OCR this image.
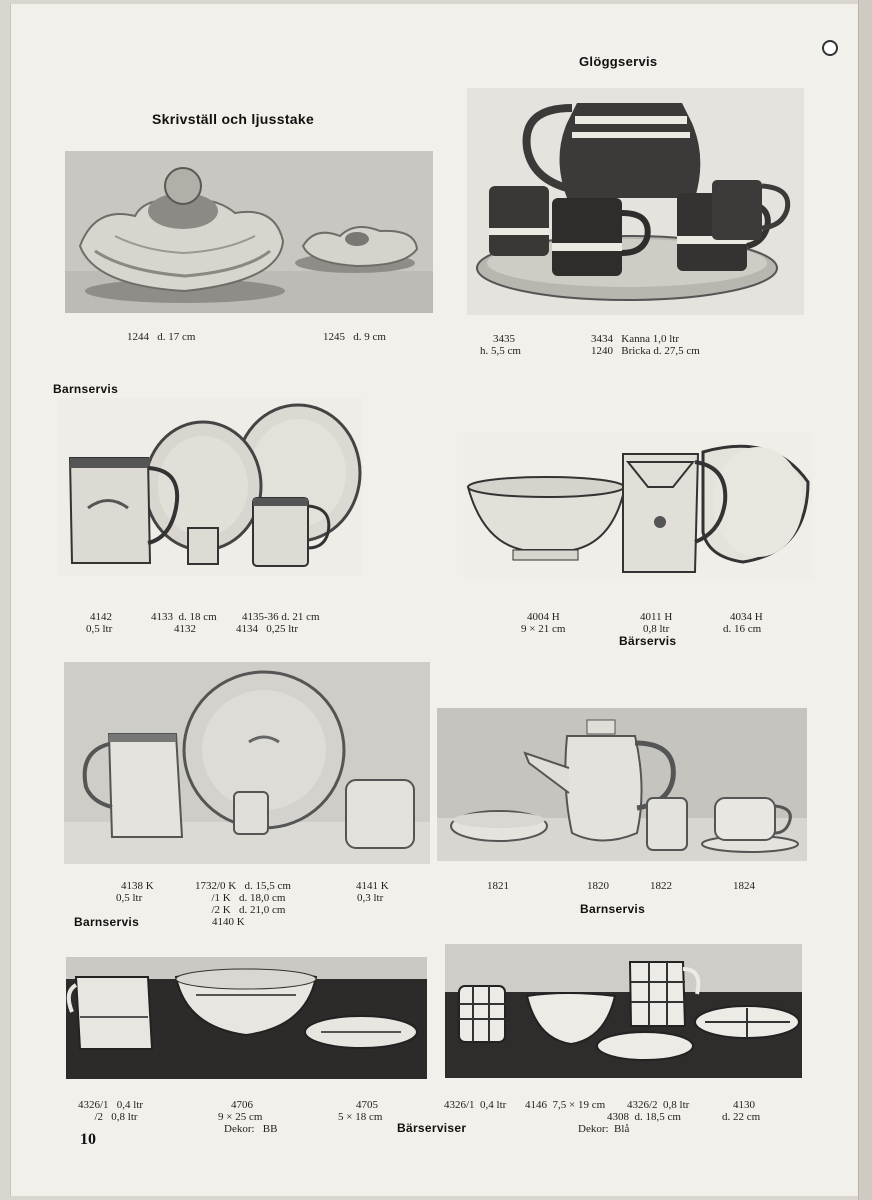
Glöggservis
Skrivställ och ljusstake
Barnservis
Bärservis
Barnservis
Barnservis
Bärserviser
1244   d. 17 cm	1245   d. 9 cm	3435
h. 5,5 cm
3434   Kanna 1,0 ltr
1240   Bricka d. 27,5 cm
4142
0,5 ltr
4133  d. 18 cm
4132
4135-36 d. 21 cm
4134   0,25 ltr
4004 H
9 × 21 cm
4011 H
0,8 ltr
4034 H
d. 16 cm
4138 K
0,5 ltr
1732/0 K   d. 15,5 cm
/1 K   d. 18,0 cm
/2 K   d. 21,0 cm
4140 K
4141 K
0,3 ltr
1821	1820	1822	1824
4326/1   0,4 ltr
/2   0,8 ltr
4706
9 × 25 cm
Dekor:   BB
4705
5 × 18 cm
4326/1  0,4 ltr 4146  7,5 × 19 cm 4326/2  0,8 ltr
4308  d. 18,5 cm
Dekor:  Blå
4130
d. 22 cm
10
